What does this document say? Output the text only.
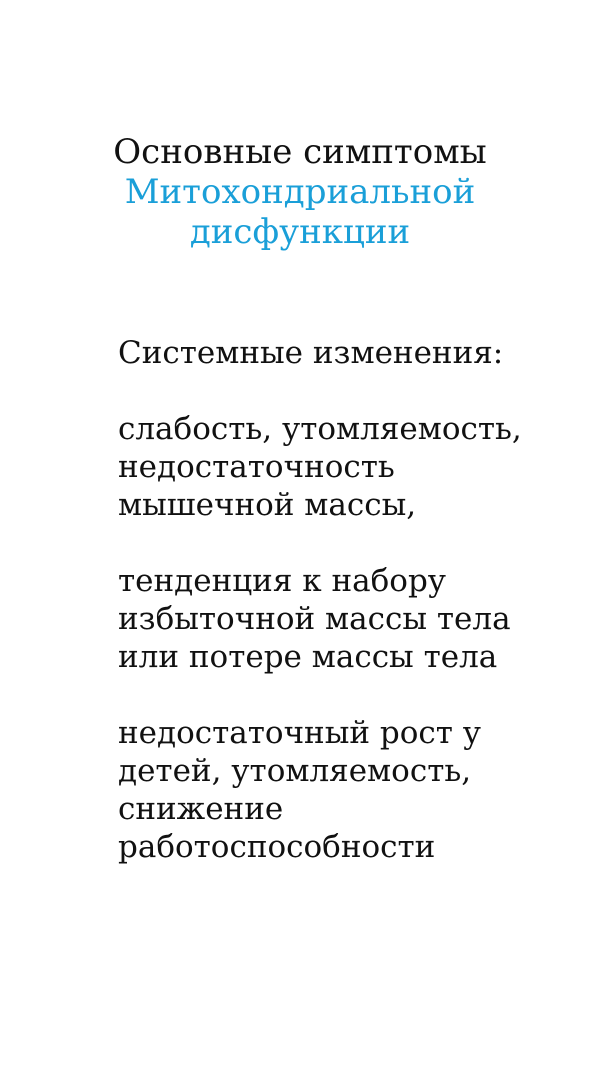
Основные симптомы
Митохондриальной
дисфункции
Системные изменения:
слабость, утомляемость,
недостаточность
мышечной массы,
тенденция к набору
избыточной массы тела
или потере массы тела
недостаточный рост у
детей, утомляемость,
снижение
работоспособности
